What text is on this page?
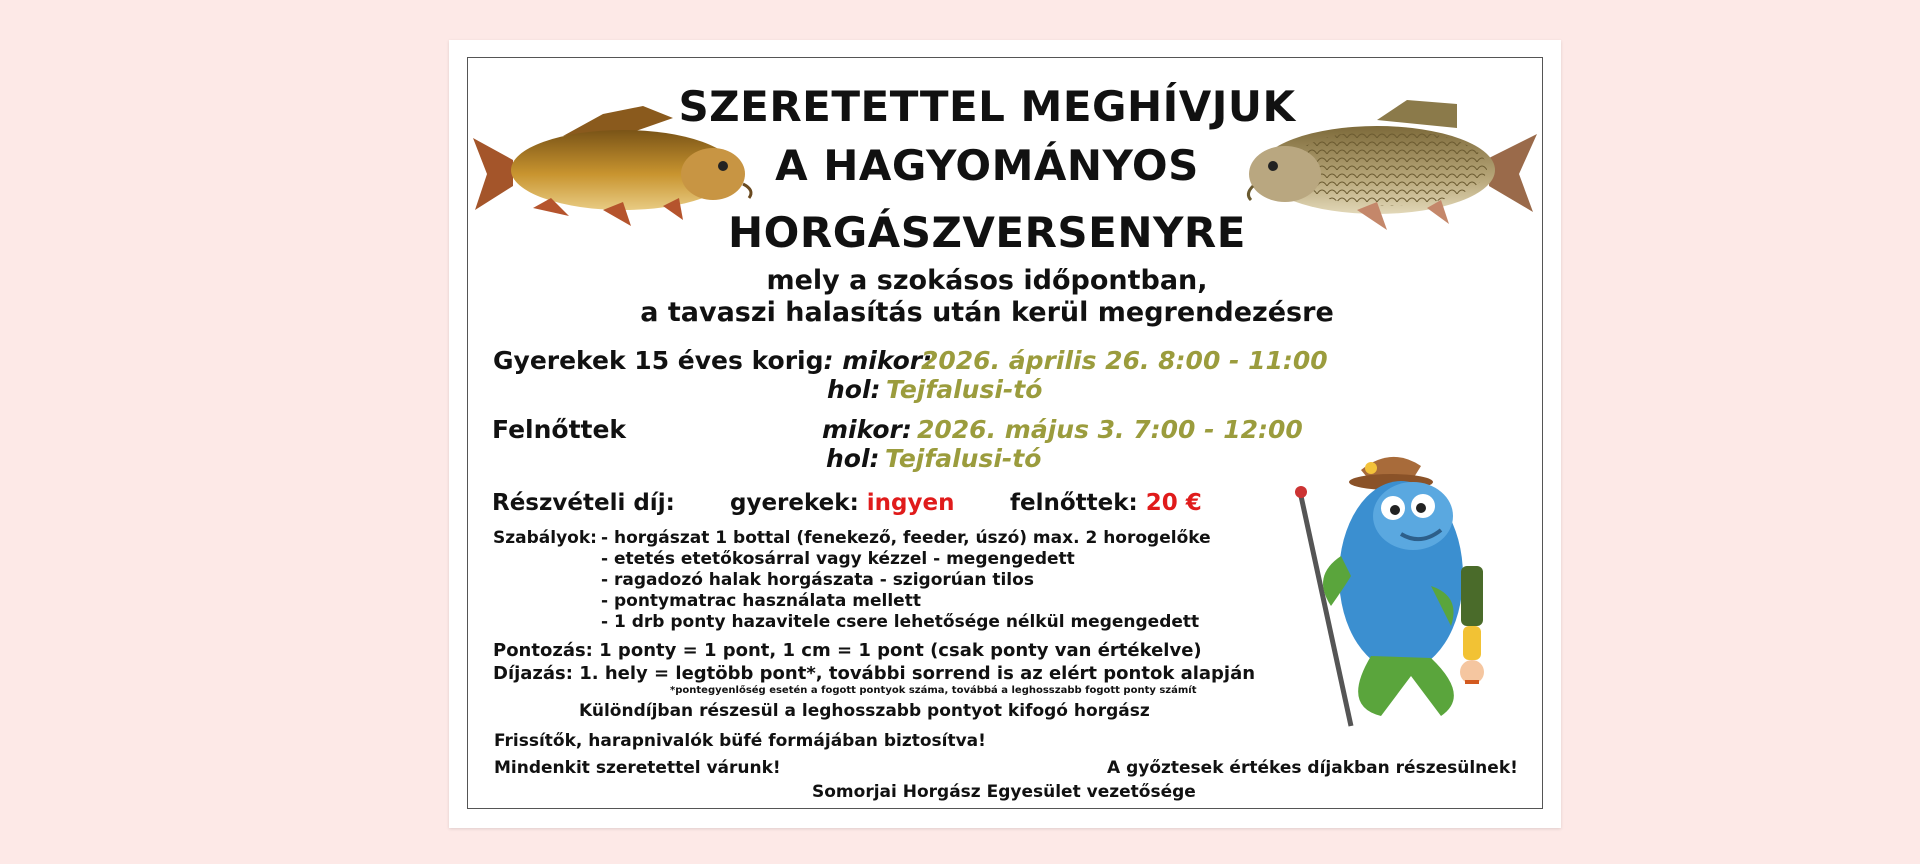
SZERETETTEL MEGHÍVJUK
A HAGYOMÁNYOS
HORGÁSZVERSENYRE
mely a szokásos időpontban,
a tavaszi halasítás után kerül megrendezésre
Gyerekek 15 éves korig: mikor:
2026. április 26. 8:00 - 11:00
hol: Tejfalusi-tó
Felnőttek	mikor: 2026. május 3. 7:00 - 12:00
hol: Tejfalusi-tó
Részvételi díj: gyerekek: ingyen felnőttek: 20 €
Szabályok: - horgászat 1 bottal (fenekező, feeder, úszó) max. 2 horogelőke
- etetés etetőkosárral vagy kézzel - megengedett
- ragadozó halak horgászata - szigorúan tilos
- pontymatrac használata mellett
- 1 drb ponty hazavitele csere lehetősége nélkül megengedett
Pontozás: 1 ponty = 1 pont, 1 cm = 1 pont (csak ponty van értékelve)
Díjazás: 1. hely = legtöbb pont*, további sorrend is az elért pontok alapján
*pontegyenlőség esetén a fogott pontyok száma, továbbá a leghosszabb fogott ponty számít
Különdíjban részesül a leghosszabb pontyot kifogó horgász
Frissítők, harapnivalók büfé formájában biztosítva!
Mindenkit szeretettel várunk!	A győztesek értékes díjakban részesülnek!
Somorjai Horgász Egyesület vezetősége
